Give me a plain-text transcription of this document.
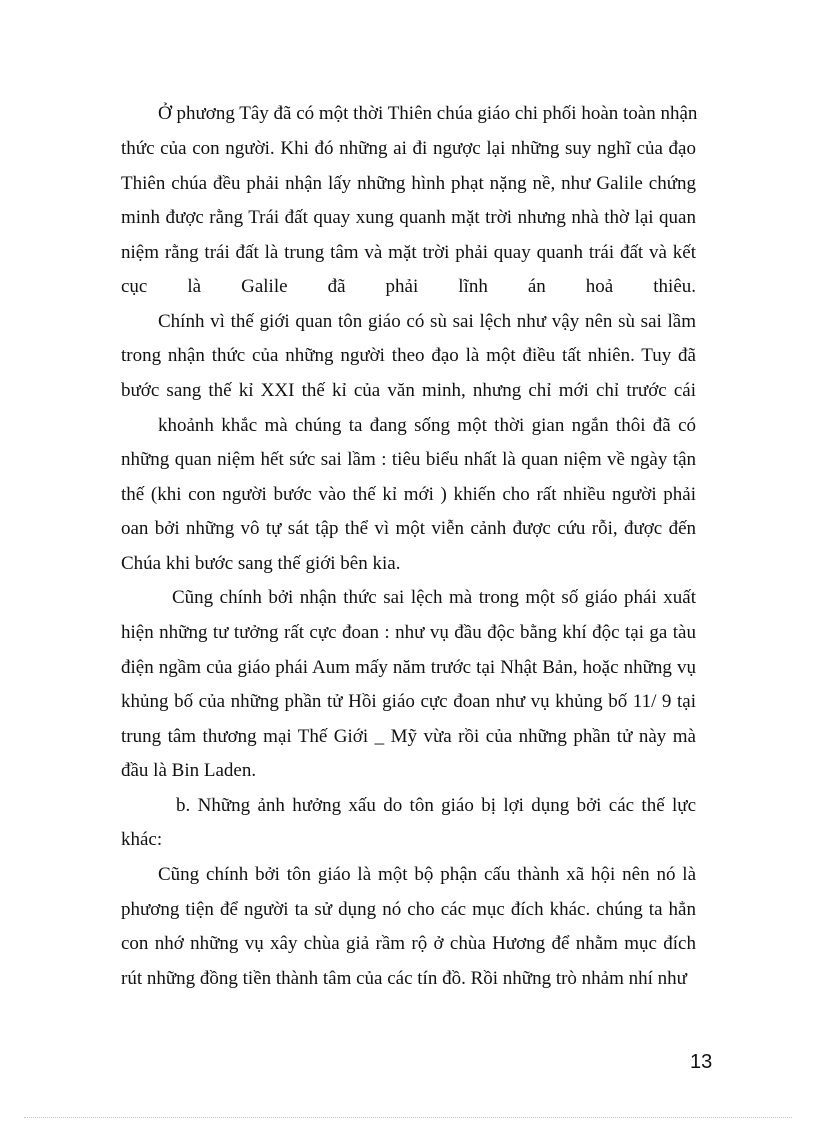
Ở phương Tây đã có một thời Thiên chúa giáo chi phối hoàn toàn nhận

thức của con người. Khi đó những ai đi ngược lại những suy nghĩ của đạo

Thiên chúa đều phải nhận lấy những hình phạt nặng nề, như Galile chứng

minh được rằng Trái đất quay xung quanh mặt trời nhưng nhà thờ lại quan

niệm rằng trái đất là trung tâm và mặt trời phải quay quanh trái đất và kết

cục là Galile đã phải lĩnh án hoả thiêu.

Chính vì thế giới quan tôn giáo có sù sai lệch như vậy nên sù sai lầm

trong nhận thức của những người theo đạo là một điều tất nhiên. Tuy đã

bước sang thế kỉ XXI thế kỉ của văn minh, nhưng chỉ mới chỉ trước cái

khoảnh khắc mà chúng ta đang sống một thời gian ngắn thôi đã có

những quan niệm hết sức sai lầm : tiêu biểu nhất là quan niệm về ngày tận

thế (khi con người bước vào thế kỉ mới ) khiến cho rất nhiều người phải

oan bởi những vô tự sát tập thể vì một viễn cảnh được cứu rỗi, được đến

Chúa khi bước sang thế giới bên kia.

Cũng chính bởi nhận thức sai lệch mà trong một số giáo phái xuất

hiện những tư tưởng rất cực đoan : như vụ đầu độc bằng khí độc tại ga tàu

điện ngầm của giáo phái Aum mấy năm trước tại Nhật Bản, hoặc những vụ

khủng bố của những phần tử Hồi giáo cực đoan như vụ khủng bố 11/ 9 tại

trung tâm thương mại Thế Giới _ Mỹ vừa rồi của những phần tử này mà

đầu là Bin Laden.

b. Những ảnh hưởng xấu do tôn giáo bị lợi dụng bởi các thế lực

khác:

Cũng chính bởi tôn giáo là một bộ phận cấu thành xã hội nên nó là

phương tiện để người ta sử dụng nó cho các mục đích khác. chúng ta hẳn

con nhớ những vụ xây chùa giả rầm rộ ở chùa Hương để nhằm mục đích

rút những đồng tiền thành tâm của các tín đồ. Rồi những trò nhảm nhí như

13
